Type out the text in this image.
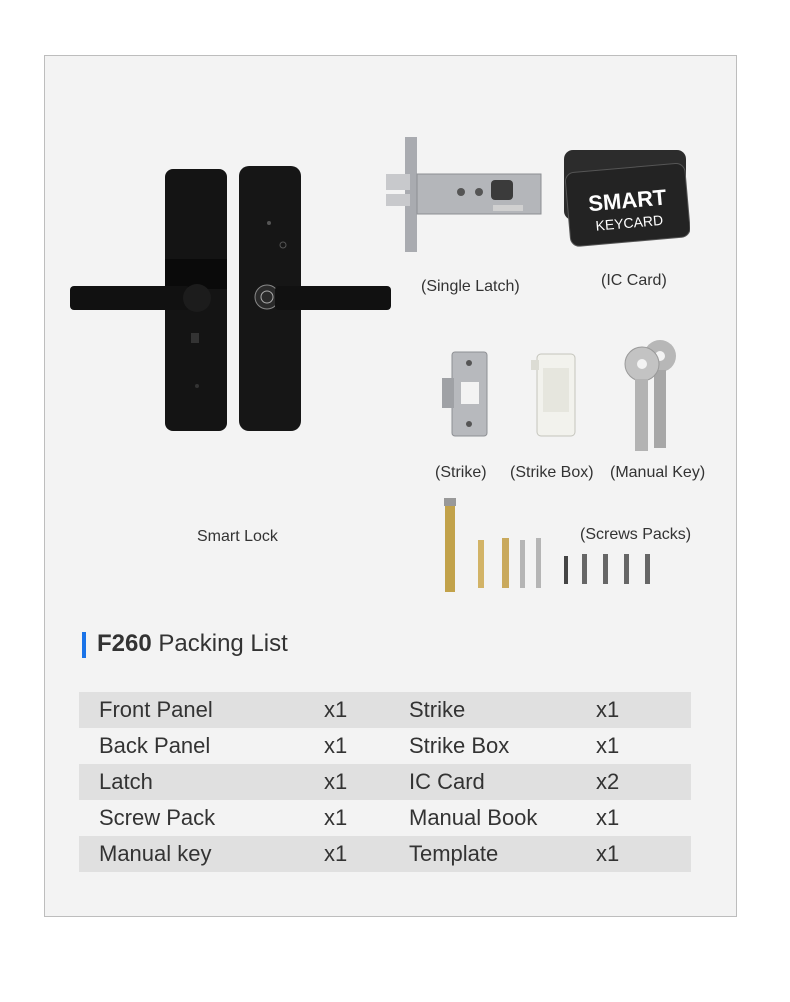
SMART
KEYCARD
(Single Latch)	(IC Card)
(Strike) (Strike Box) (Manual Key)
Smart Lock	(Screws Packs)
F260 Packing List
Front Panel	x1	Strike	x1
Back Panel	x1	Strike Box	x1
Latch	x1	IC Card	x2
Screw Pack	x1	Manual Book	x1
Manual key	x1	Template	x1
